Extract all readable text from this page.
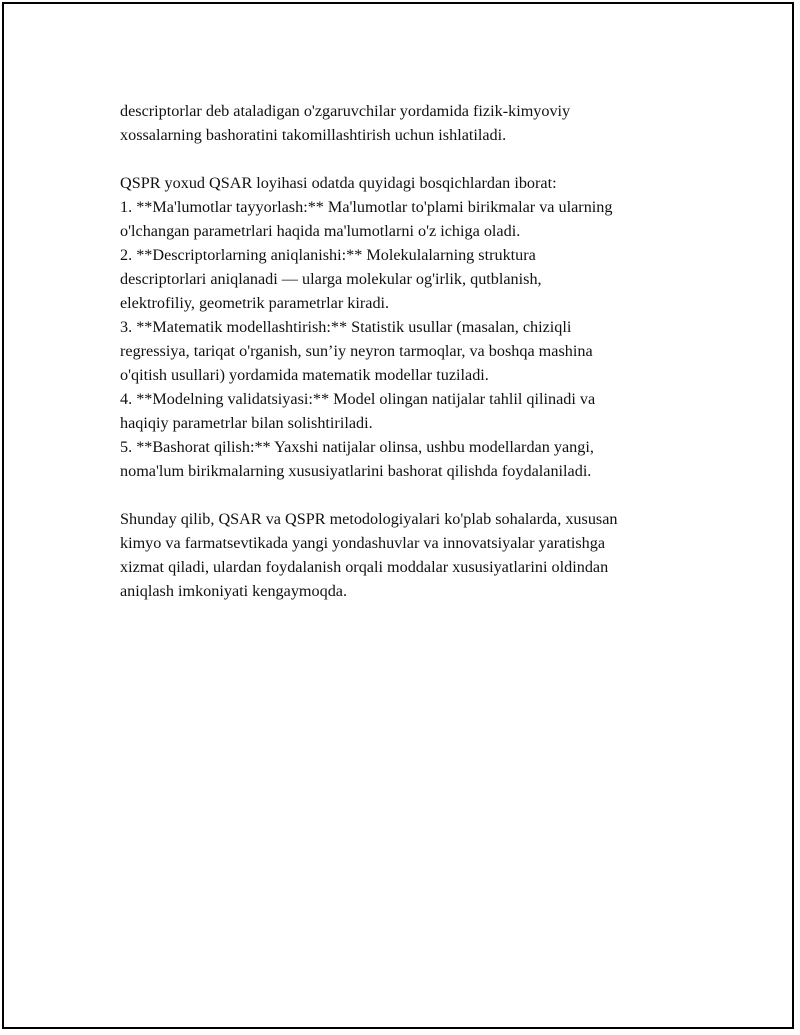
descriptorlar deb ataladigan o'zgaruvchilar yordamida fizik-kimyoviy
xossalarning bashoratini takomillashtirish uchun ishlatiladi.
QSPR yoxud QSAR loyihasi odatda quyidagi bosqichlardan iborat:
1. **Ma'lumotlar tayyorlash:** Ma'lumotlar to'plami birikmalar va ularning
o'lchangan parametrlari haqida ma'lumotlarni o'z ichiga oladi.
2. **Descriptorlarning aniqlanishi:** Molekulalarning struktura
descriptorlari aniqlanadi — ularga molekular og'irlik, qutblanish,
elektrofiliy, geometrik parametrlar kiradi.
3. **Matematik modellashtirish:** Statistik usullar (masalan, chiziqli
regressiya, tariqat o'rganish, sun’iy neyron tarmoqlar, va boshqa mashina
o'qitish usullari) yordamida matematik modellar tuziladi.
4. **Modelning validatsiyasi:** Model olingan natijalar tahlil qilinadi va
haqiqiy parametrlar bilan solishtiriladi.
5. **Bashorat qilish:** Yaxshi natijalar olinsa, ushbu modellardan yangi,
noma'lum birikmalarning xususiyatlarini bashorat qilishda foydalaniladi.
Shunday qilib, QSAR va QSPR metodologiyalari ko'plab sohalarda, xususan
kimyo va farmatsevtikada yangi yondashuvlar va innovatsiyalar yaratishga
xizmat qiladi, ulardan foydalanish orqali moddalar xususiyatlarini oldindan
aniqlash imkoniyati kengaymoqda.
